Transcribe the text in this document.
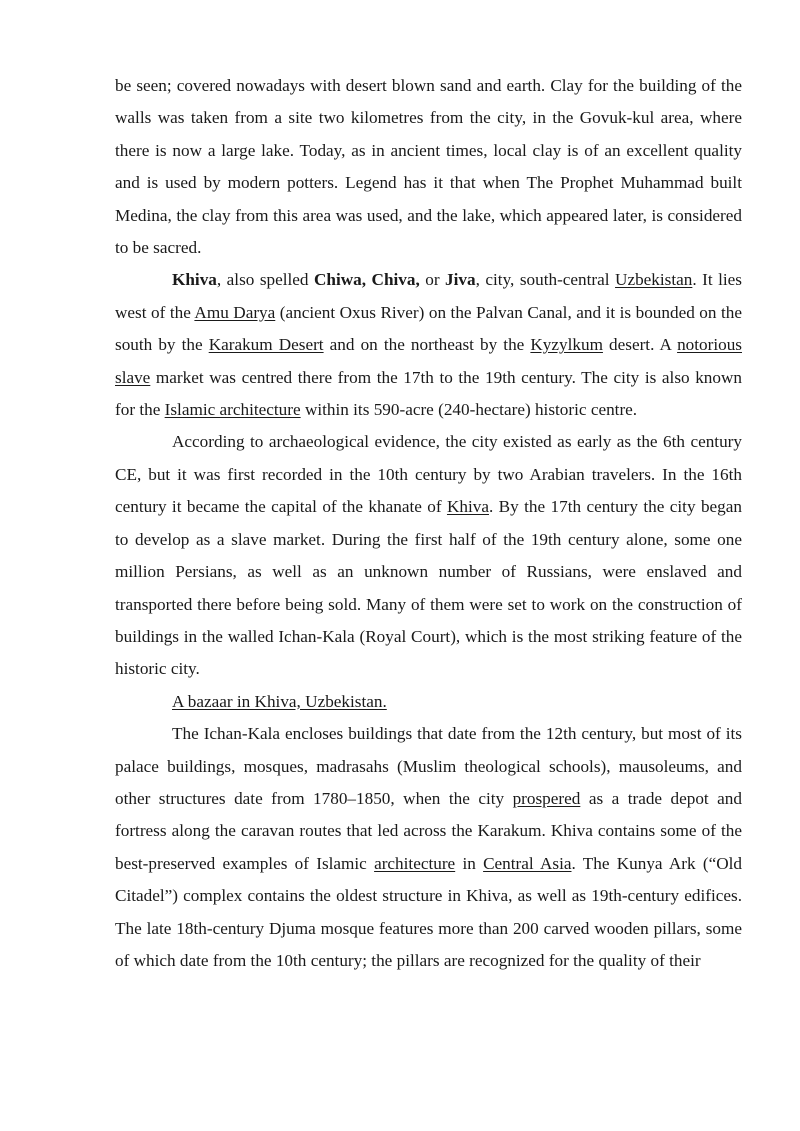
be seen; covered nowadays with desert blown sand and earth. Clay for the building of the walls was taken from a site two kilometres from the city, in the Govuk-kul area, where there is now a large lake. Today, as in ancient times, local clay is of an excellent quality and is used by modern potters. Legend has it that when The Prophet Muhammad built Medina, the clay from this area was used, and the lake, which appeared later, is considered to be sacred.

Khiva, also spelled Chiwa, Chiva, or Jiva, city, south-central Uzbekistan. It lies west of the Amu Darya (ancient Oxus River) on the Palvan Canal, and it is bounded on the south by the Karakum Desert and on the northeast by the Kyzylkum desert. A notorious slave market was centred there from the 17th to the 19th century. The city is also known for the Islamic architecture within its 590-acre (240-hectare) historic centre.

According to archaeological evidence, the city existed as early as the 6th century CE, but it was first recorded in the 10th century by two Arabian travelers. In the 16th century it became the capital of the khanate of Khiva. By the 17th century the city began to develop as a slave market. During the first half of the 19th century alone, some one million Persians, as well as an unknown number of Russians, were enslaved and transported there before being sold. Many of them were set to work on the construction of buildings in the walled Ichan-Kala (Royal Court), which is the most striking feature of the historic city.

A bazaar in Khiva, Uzbekistan.

The Ichan-Kala encloses buildings that date from the 12th century, but most of its palace buildings, mosques, madrasahs (Muslim theological schools), mausoleums, and other structures date from 1780–1850, when the city prospered as a trade depot and fortress along the caravan routes that led across the Karakum. Khiva contains some of the best-preserved examples of Islamic architecture in Central Asia. The Kunya Ark (“Old Citadel”) complex contains the oldest structure in Khiva, as well as 19th-century edifices. The late 18th-century Djuma mosque features more than 200 carved wooden pillars, some of which date from the 10th century; the pillars are recognized for the quality of their
